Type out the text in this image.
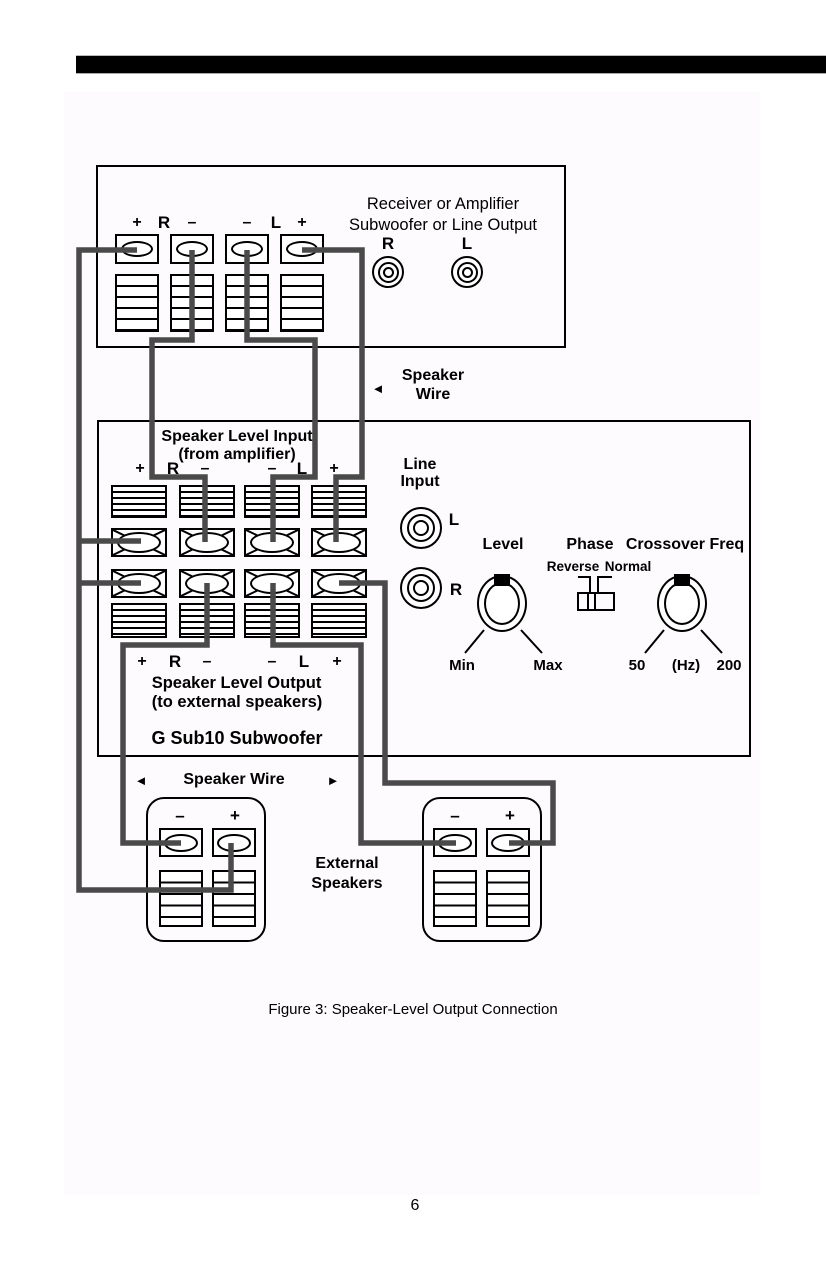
+ R –	– L +
Receiver or Amplifier
Subwoofer or Line Output
R	L
◄
Speaker
Wire
Speaker Level Input
(from amplifier)
+ R –	– L +
+ R –	– L +
Speaker Level Output
(to external speakers)
G Sub10 Subwoofer
Line
Input
L
R
Level	Phase Crossover Freq
Reverse Normal
Min	Max	50 (Hz) 200
◄ Speaker Wire	►
–	+
External
Speakers
–	+
Figure 3: Speaker-Level Output Connection
6
